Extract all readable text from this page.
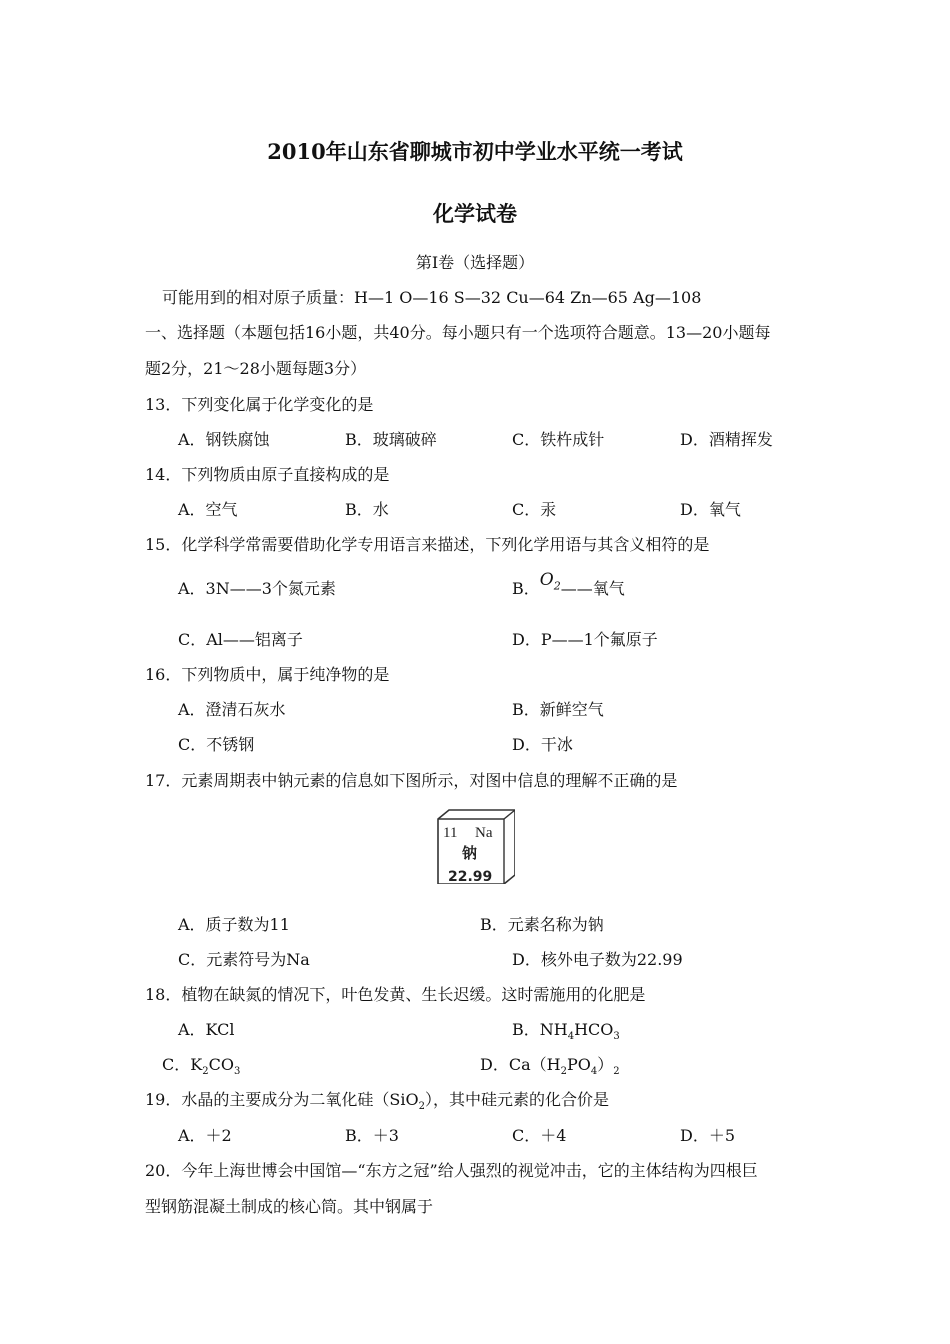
2010年山东省聊城市初中学业水平统一考试
化学试卷
第Ⅰ卷（选择题）
可能用到的相对原子质量：H—1 O—16 S—32 Cu—64 Zn—65 Ag—108
一、选择题（本题包括16小题，共40分。每小题只有一个选项符合题意。13—20小题每
题2分，21～28小题每题3分）
13．下列变化属于化学变化的是
A．钢铁腐蚀	B．玻璃破碎	C．铁杵成针	D．酒精挥发
14．下列物质由原子直接构成的是
A．空气	B．水	C．汞	D．氧气
15．化学科学常需要借助化学专用语言来描述，下列化学用语与其含义相符的是
A．3N——3个氮元素	B．$O_2——$氧气
C．Al——铝离子	D．P——1个氟原子
16．下列物质中，属于纯净物的是
A．澄清石灰水	B．新鲜空气
C．不锈钢	D．干冰
17．元素周期表中钠元素的信息如下图所示，对图中信息的理解不正确的是
11 Na
钠
22.99
A．质子数为11	B．元素名称为钠
C．元素符号为Na	D．核外电子数为22.99
18．植物在缺氮的情况下，叶色发黄、生长迟缓。这时需施用的化肥是
A．KCl	B．$NH_4HCO_3$
C．$K_2CO_3$	D．$Ca(H_2PO_4)_2$
19．水晶的主要成分为二氧化硅（SiO$_2$），其中硅元素的化合价是
A．＋2	B．＋3	C．＋4	D．＋5
20．今年上海世博会中国馆—“东方之冠”给人强烈的视觉冲击，它的主体结构为四根巨
型钢筋混凝土制成的核心筒。其中钢属于
